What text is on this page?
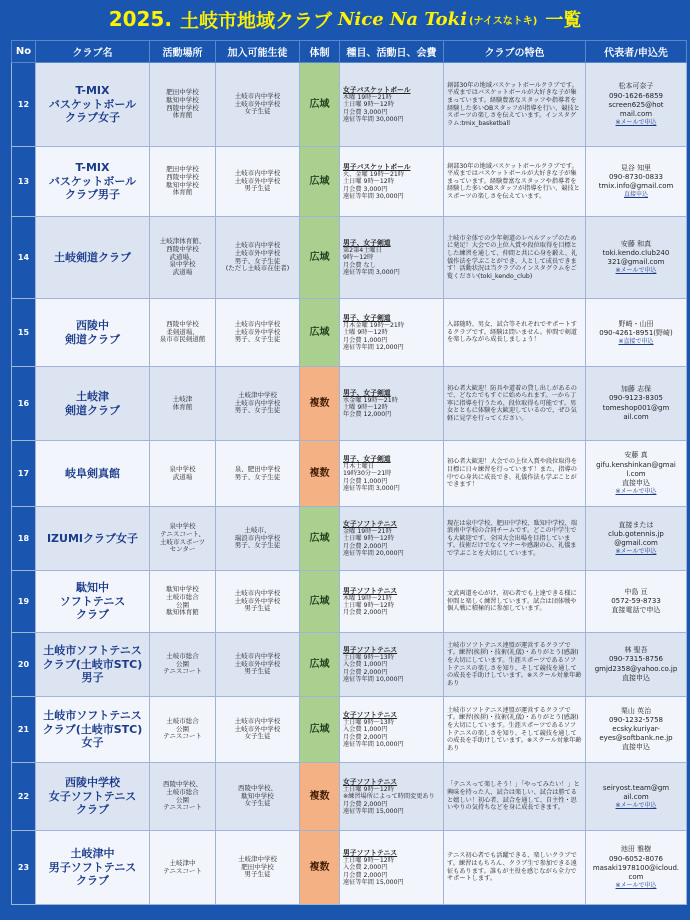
2025. 土岐市地域クラブ Nice Na Toki (ナイスなトキ) 一覧
No	クラブ名	活動場所	加入可能生徒	体制	種目、活動日、会費	クラブの特色	代表者/申込先
12	T-MIX
バスケットボール
クラブ女子	肥田中学校
駄知中学校
西陵中学校
体育館	土岐市内中学校
土岐市外中学校
女子生徒	広域	女子バスケットボール
木曜 19時〜21時
土日曜 9時〜12時
月会費 3,000円
遠征等年間 30,000円	創部30年の地域バスケットボールクラブです。平成まではバスケットボールが大好きな子が集まっています。経験豊富なスタッフや指導者を経験した多いOBスタッフが指導を行い、競技とスポーツの楽しさを伝えています。インスタグラム:tmix_basketball	松本可奈子
090-1626-6859
screen625@hot
mail.com
※メールで申込

13	T-MIX
バスケットボール
クラブ男子	肥田中学校
西陵中学校
駄知中学校
体育館	土岐市内中学校
土岐市外中学校
男子生徒	広域	男子バスケットボール
火、金曜 19時〜21時
土日曜 9時〜12時
月会費 3,000円
遠征等年間 30,000円	創部30年の地域バスケットボールクラブです。平成まではバスケットボールが大好きな子が集まっています。経験豊富なスタッフや指導者を経験した多いOBスタッフが指導を行い、競技とスポーツの楽しさを伝えています。	見谷 知里
090-8730-0833
tmix.info@gmail.com
直接申込

14	土岐剣道クラブ	土岐津体育館、
西陵中学校
武道場、
泉中学校
武道場	土岐市内中学校
土岐市外中学校
男子、女子生徒
(ただし土岐市在住者)	広域	男子、女子剣道
第2第4土曜日
9時〜12時
月会費 なし
遠征等年間 3,000円	土岐市全体での少年剣道のレベルアップのために発足！大会での上位入賞や段位取得を目標とした練習を通して、仲間と共に心身を鍛え、礼儀作法を学ぶことができ、人として成長できます！活動状況は当クラブのインスタグラムをご覧ください(toki_kendo_club)	安藤 和真
toki.kendo.club240
321@gmail.com
※メールで申込

15	西陵中
剣道クラブ	西陵中学校
柔剣道場、
泉市市民剣道館	土岐市内中学校
土岐市外中学校
男子、女子生徒	広域	男子、女子剣道
月木金曜 19時〜21時
土曜 9時〜12時
月会費 1,000円
遠征等年間 12,000円	入部随時、男女、試合等それぞれでサポートするクラブです。経験は問いません。仲間で剣道を楽しみながら成長しましょう！	野崎・山田
090-4261-8951(野崎)
※直接で申込

16	土岐津
剣道クラブ	土岐津
体育館	土岐津中学校
土岐市内中学校
男子、女子生徒	複数	男子、女子剣道
水金曜 19時〜21時
土曜 9時〜12時
年会費 12,000円	初心者大歓迎！防具や道着の貸し出しがあるので、どなたでもすぐに始められます。一から丁寧に指導を行うため、段位取得も可能です。男女とともに体験を大歓迎しているので、ぜひ気軽に見学を行ってください。	加藤 志保
090-9123-8305
tomeshop001@gm
ail.com

17	岐阜剣真館	泉中学校
武道場	泉、肥田中学校
男子、女子生徒	複数	男子、女子剣道
月木土曜日
19時30分〜21時
月会費 1,000円
遠征等年間 3,000円	初心者大歓迎！大会での上位入賞や段位取得を目標に日々練習を行っています！また、指導の中で心身共に成長でき、礼儀作法も学ぶことができます！	安藤 真
gifu.kenshinkan@gmai
l.com
直接申込
※メールで申込

18	IZUMIクラブ女子	泉中学校
テニスコート、
土岐市スポーツ
センター	土岐市、
瑞浪市内中学校
男子、女子生徒	広域	女子ソフトテニス
金曜 19時〜21時
土日曜 9時〜12時
月会費 2,000円
遠征等年間 20,000円	現在は泉中学校、肥田中学校、駄知中学校、瑞浪南中学校の合同チームです。どこの中学生でも大歓迎です。全国大会出場を目指しています。技術だけでなくマナーや感謝の心、礼儀まで学ぶことを大切にしています。	直接または
club.gotennis.jp
@gmail.com
※メールで申込

19	駄知中
ソフトテニス
クラブ	駄知中学校
土岐市総合
公園
駄知体育館	土岐市内中学校
土岐市外中学校
男子生徒	広域	男子ソフトテニス
木曜 19時〜21時
土日曜 9時〜12時
月会費 2,000円	文武両道を心がけ、初心者でも上達できる様に仲間と楽しく練習しています。試合は団体戦や個人戦に積極的に参加しています。	中島 亘
0572-59-8733
直接電話で申込

20	土岐市ソフトテニス
クラブ(土岐市STC)
男子	土岐市総合
公園
テニスコート	土岐市内中学校
土岐市外中学校
男子生徒	広域	男子ソフトテニス
土日曜 9時〜13時
入会費 1,000円
月会費 2,000円
遠征等年間 10,000円	土岐市ソフトテニス連盟が運営するクラブです。練習(挨拶)・技術(礼儀)・ありがとう(感謝)を大切にしています。生涯スポーツであるソフトテニスの楽しさを知り、そして競技を通しての成長を手助けしています。※スクール対象年齢あり	林 聖吾
090-7315-8756
gmjd2358@yahoo.co.jp
直接申込

21	土岐市ソフトテニス
クラブ(土岐市STC)
女子	土岐市総合
公園
テニスコート	土岐市内中学校
土岐市外中学校
女子生徒	広域	女子ソフトテニス
土日曜 9時〜13時
入会費 1,000円
月会費 2,000円
遠征等年間 10,000円	土岐市ソフトテニス連盟が運営するクラブです。練習(挨拶)・技術(礼儀)・ありがとう(感謝)を大切にしています。生涯スポーツであるソフトテニスの楽しさを知り、そして競技を通しての成長を手助けしています。※スクール対象年齢あり	栗山 英治
090-1232-5758
ecsky.kuriyar-
eyes@softbank.ne.jp
直接申込

22	西陵中学校
女子ソフトテニス
クラブ	西陵中学校、
土岐市総合
公園
テニスコート	西陵中学校、
駄知中学校
女子生徒	複数	女子ソフトテニス
土日曜 9時〜12時
※練習場所によって時間変更あり
月会費 2,000円
遠征等年間 15,000円	「テニスって楽しそう！」「やってみたい！」と興味を持った人、試合は楽しい、試合は勝てると嬉しい！初心者、試合を通して、自主性・思いやりの気持ちなどを身に成長できます。	seiryost.team@gm
ail.com
※メールで申込

23	土岐津中
男子ソフトテニス
クラブ	土岐津中
テニスコート	土岐津中学校
肥田中学校
男子生徒	複数	男子ソフトテニス
土日曜 9時〜12時
入会費 2,000円
月会費 2,000円
遠征等年間 15,000円	テニス初心者でも活躍できる、楽しいクラブです。練習はもちろん、クラブ生で参加できる遠征もあります。誰もが主役を感じながら全力でサポートします。	池田 雅樹
090-6052-8076
masaki1978100@icloud.
com
※メールで申込
